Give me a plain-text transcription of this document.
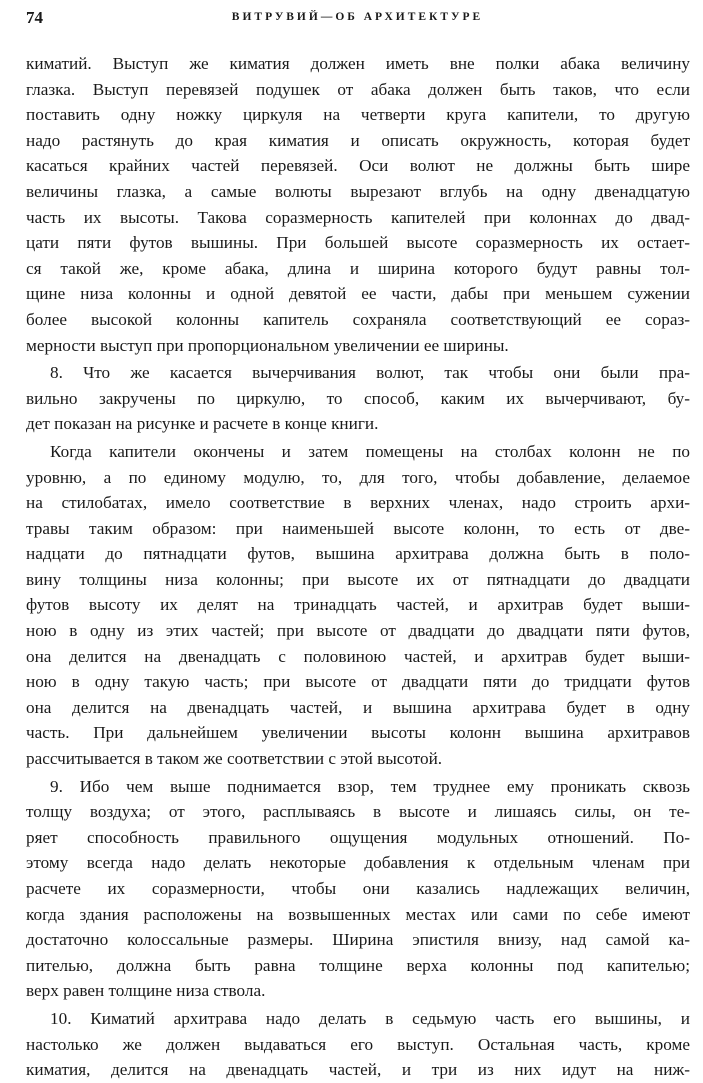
74	ВИТРУВИЙ—ОБ АРХИТЕКТУРЕ
киматий. Выступ же киматия должен иметь вне полки абака величину
глазка. Выступ перевязей подушек от абака должен быть таков, что если
поставить одну ножку циркуля на четверти круга капители, то другую
надо растянуть до края киматия и описать окружность, которая будет
касаться крайних частей перевязей. Оси волют не должны быть шире
величины глазка, а самые волюты вырезают вглубь на одну двенадцатую
часть их высоты. Такова соразмерность капителей при колоннах до двад-
цати пяти футов вышины. При большей высоте соразмерность их остает-
ся такой же, кроме абака, длина и ширина которого будут равны тол-
щине низа колонны и одной девятой ее части, дабы при меньшем сужении
более высокой колонны капитель сохраняла соответствующий ее сораз-
мерности выступ при пропорциональном увеличении ее ширины.
8. Что же касается вычерчивания волют, так чтобы они были пра-
вильно закручены по циркулю, то способ, каким их вычерчивают, бу-
дет показан на рисунке и расчете в конце книги.
Когда капители окончены и затем помещены на столбах колонн не по
уровню, а по единому модулю, то, для того, чтобы добавление, делаемое
на стилобатах, имело соответствие в верхних членах, надо строить архи-
травы таким образом: при наименьшей высоте колонн, то есть от две-
надцати до пятнадцати футов, вышина архитрава должна быть в поло-
вину толщины низа колонны; при высоте их от пятнадцати до двадцати
футов высоту их делят на тринадцать частей, и архитрав будет выши-
ною в одну из этих частей; при высоте от двадцати до двадцати пяти футов,
она делится на двенадцать с половиною частей, и архитрав будет выши-
ною в одну такую часть; при высоте от двадцати пяти до тридцати футов
она делится на двенадцать частей, и вышина архитрава будет в одну
часть. При дальнейшем увеличении высоты колонн вышина архитравов
рассчитывается в таком же соответствии с этой высотой.
9. Ибо чем выше поднимается взор, тем труднее ему проникать сквозь
толщу воздуха; от этого, расплываясь в высоте и лишаясь силы, он те-
ряет способность правильного ощущения модульных отношений. По-
этому всегда надо делать некоторые добавления к отдельным членам при
расчете их соразмерности, чтобы они казались надлежащих величин,
когда здания расположены на возвышенных местах или сами по себе имеют
достаточно колоссальные размеры. Ширина эпистиля внизу, над самой ка-
пителью, должна быть равна толщине верха колонны под капителью;
верх равен толщине низа ствола.
10. Киматий архитрава надо делать в седьмую часть его вышины, и
настолько же должен выдаваться его выступ. Остальная часть, кроме
киматия, делится на двенадцать частей, и три из них идут на ниж-
